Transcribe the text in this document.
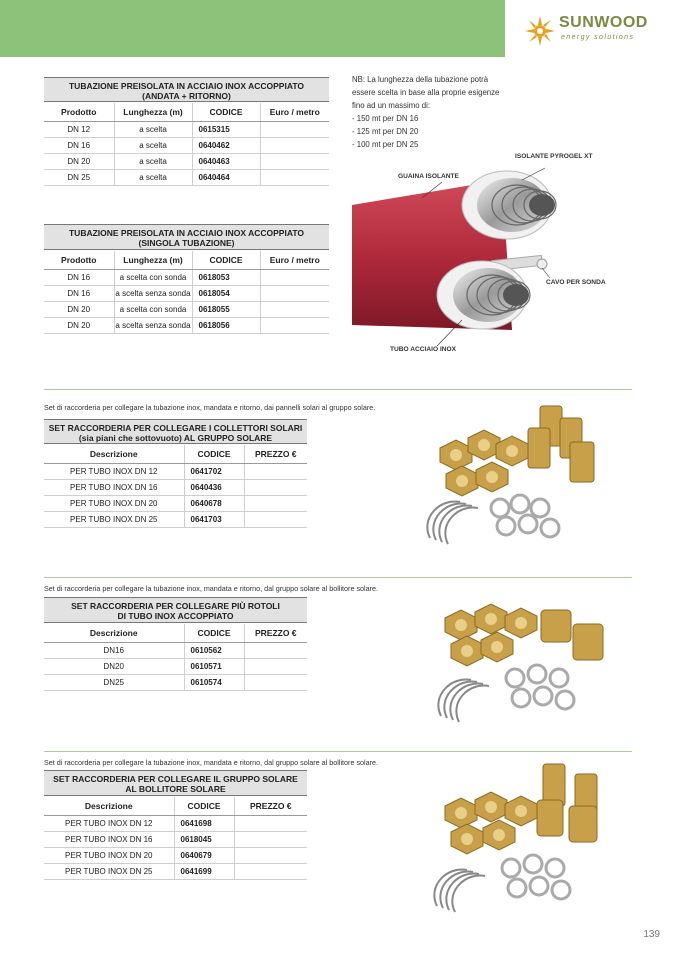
SUNWOOD
energy solutions
TUBAZIONE PREISOLATA IN ACCIAIO INOX ACCOPPIATO
(ANDATA + RITORNO)
Prodotto	Lunghezza (m)	CODICE	Euro / metro
DN 12	a scelta	0615315	
DN 16	a scelta	0640462	
DN 20	a scelta	0640463	
DN 25	a scelta	0640464	
TUBAZIONE PREISOLATA IN ACCIAIO INOX ACCOPPIATO
(SINGOLA TUBAZIONE)
Prodotto	Lunghezza (m)	CODICE	Euro / metro
DN 16	a scelta con sonda	0618053	
DN 16	a scelta senza sonda	0618054	
DN 20	a scelta con sonda	0618055	
DN 20	a scelta senza sonda	0618056	
NB: La lunghezza della tubazione potrà
essere scelta in base alla proprie esigenze
fino ad un massimo di:
- 150 mt per DN 16
- 125 mt per DN 20
- 100 mt per DN 25
ISOLANTE PYROGEL XT
GUAINA ISOLANTE
CAVO PER SONDA
TUBO ACCIAIO INOX
Set di raccorderia per collegare la tubazione inox, mandata e ritorno, dai pannelli solari al gruppo solare.
SET RACCORDERIA PER COLLEGARE I COLLETTORI SOLARI
(sia piani che sottovuoto) AL GRUPPO SOLARE
Descrizione	CODICE	PREZZO €
PER TUBO INOX DN 12	0641702	
PER TUBO INOX DN 16	0640436	
PER TUBO INOX DN 20	0640678	
PER TUBO INOX DN 25	0641703	
Set di raccorderia per collegare la tubazione inox, mandata e ritorno, dal gruppo solare al bollitore solare.
SET RACCORDERIA PER COLLEGARE PIÙ ROTOLI
DI TUBO INOX ACCOPPIATO
Descrizione	CODICE	PREZZO €
DN16	0610562	
DN20	0610571	
DN25	0610574	
Set di raccorderia per collegare la tubazione inox, mandata e ritorno, dal gruppo solare al bollitore solare.
SET RACCORDERIA PER COLLEGARE IL GRUPPO SOLARE
AL BOLLITORE SOLARE
Descrizione	CODICE	PREZZO €
PER TUBO INOX DN 12	0641698	
PER TUBO INOX DN 16	0618045	
PER TUBO INOX DN 20	0640679	
PER TUBO INOX DN 25	0641699	
139
